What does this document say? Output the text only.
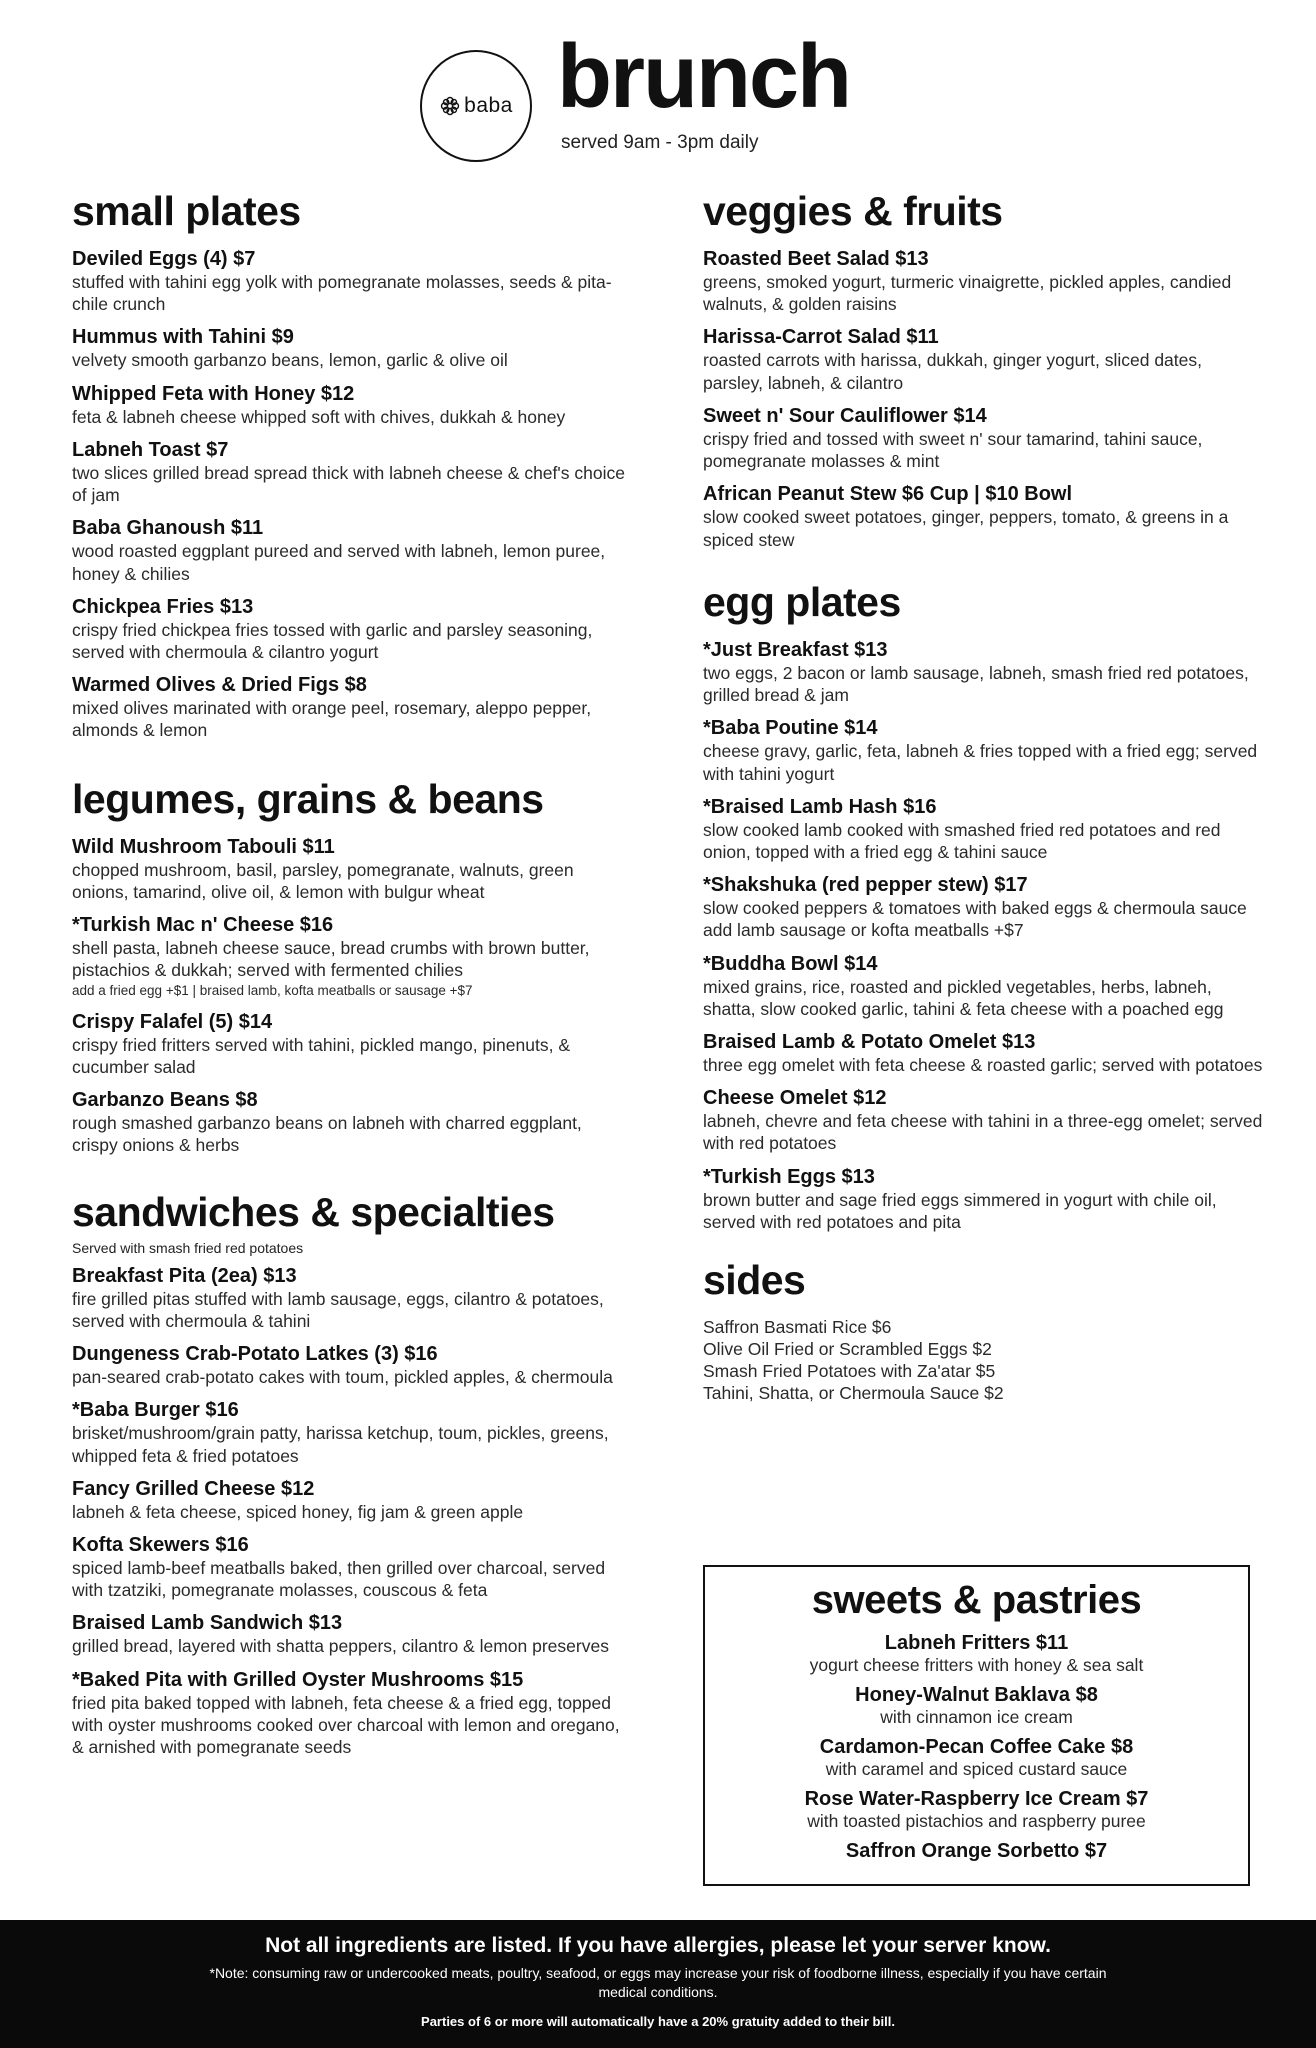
baba brunch
served 9am - 3pm daily
small plates
Deviled Eggs (4) $7
stuffed with tahini egg yolk with pomegranate molasses, seeds & pita-chile crunch
Hummus with Tahini $9
velvety smooth garbanzo beans, lemon, garlic & olive oil
Whipped Feta with Honey $12
feta & labneh cheese whipped soft with chives, dukkah & honey
Labneh Toast $7
two slices grilled bread spread thick with labneh cheese & chef's choice of jam
Baba Ghanoush $11
wood roasted eggplant pureed and served with labneh, lemon puree, honey & chilies
Chickpea Fries $13
crispy fried chickpea fries tossed with garlic and parsley seasoning, served with chermoula & cilantro yogurt
Warmed Olives & Dried Figs $8
mixed olives marinated with orange peel, rosemary, aleppo pepper, almonds & lemon
legumes, grains & beans
Wild Mushroom Tabouli $11
chopped mushroom, basil, parsley, pomegranate, walnuts, green onions, tamarind, olive oil, & lemon with bulgur wheat
*Turkish Mac n' Cheese $16
shell pasta, labneh cheese sauce, bread crumbs with brown butter, pistachios & dukkah; served with fermented chilies
add a fried egg +$1 | braised lamb, kofta meatballs or sausage +$7
Crispy Falafel (5) $14
crispy fried fritters served with tahini, pickled mango, pinenuts, & cucumber salad
Garbanzo Beans $8
rough smashed garbanzo beans on labneh with charred eggplant, crispy onions & herbs
sandwiches & specialties
Served with smash fried red potatoes
Breakfast Pita (2ea) $13
fire grilled pitas stuffed with lamb sausage, eggs, cilantro & potatoes, served with chermoula & tahini
Dungeness Crab-Potato Latkes (3) $16
pan-seared crab-potato cakes with toum, pickled apples, & chermoula
*Baba Burger $16
brisket/mushroom/grain patty, harissa ketchup, toum, pickles, greens, whipped feta & fried potatoes
Fancy Grilled Cheese $12
labneh & feta cheese, spiced honey, fig jam & green apple
Kofta Skewers $16
spiced lamb-beef meatballs baked, then grilled over charcoal, served with tzatziki, pomegranate molasses, couscous & feta
Braised Lamb Sandwich $13
grilled bread, layered with shatta peppers, cilantro & lemon preserves
*Baked Pita with Grilled Oyster Mushrooms $15
fried pita baked topped with labneh, feta cheese & a fried egg, topped with oyster mushrooms cooked over charcoal with lemon and oregano, & arnished with pomegranate seeds
veggies & fruits
Roasted Beet Salad $13
greens, smoked yogurt, turmeric vinaigrette, pickled apples, candied walnuts, & golden raisins
Harissa-Carrot Salad $11
roasted carrots with harissa, dukkah, ginger yogurt, sliced dates, parsley, labneh, & cilantro
Sweet n' Sour Cauliflower $14
crispy fried and tossed with sweet n' sour tamarind, tahini sauce, pomegranate molasses & mint
African Peanut Stew $6 Cup | $10 Bowl
slow cooked sweet potatoes, ginger, peppers, tomato, & greens in a spiced stew
egg plates
*Just Breakfast $13
two eggs, 2 bacon or lamb sausage, labneh, smash fried red potatoes, grilled bread & jam
*Baba Poutine $14
cheese gravy, garlic, feta, labneh & fries topped with a fried egg; served with tahini yogurt
*Braised Lamb Hash $16
slow cooked lamb cooked with smashed fried red potatoes and red onion, topped with a fried egg & tahini sauce
*Shakshuka (red pepper stew) $17
slow cooked peppers & tomatoes with baked eggs & chermoula sauce
add lamb sausage or kofta meatballs +$7
*Buddha Bowl $14
mixed grains, rice, roasted and pickled vegetables, herbs, labneh, shatta, slow cooked garlic, tahini & feta cheese with a poached egg
Braised Lamb & Potato Omelet $13
three egg omelet with feta cheese & roasted garlic; served with potatoes
Cheese Omelet $12
labneh, chevre and feta cheese with tahini in a three-egg omelet; served with red potatoes
*Turkish Eggs $13
brown butter and sage fried eggs simmered in yogurt with chile oil, served with red potatoes and pita
sides
Saffron Basmati Rice $6
Olive Oil Fried or Scrambled Eggs $2
Smash Fried Potatoes with Za'atar $5
Tahini, Shatta, or Chermoula Sauce $2
sweets & pastries
Labneh Fritters $11
yogurt cheese fritters with honey & sea salt
Honey-Walnut Baklava $8
with cinnamon ice cream
Cardamon-Pecan Coffee Cake $8
with caramel and spiced custard sauce
Rose Water-Raspberry Ice Cream $7
with toasted pistachios and raspberry puree
Saffron Orange Sorbetto $7
Not all ingredients are listed. If you have allergies, please let your server know.
*Note: consuming raw or undercooked meats, poultry, seafood, or eggs may increase your risk of foodborne illness, especially if you have certain medical conditions.
Parties of 6 or more will automatically have a 20% gratuity added to their bill.
